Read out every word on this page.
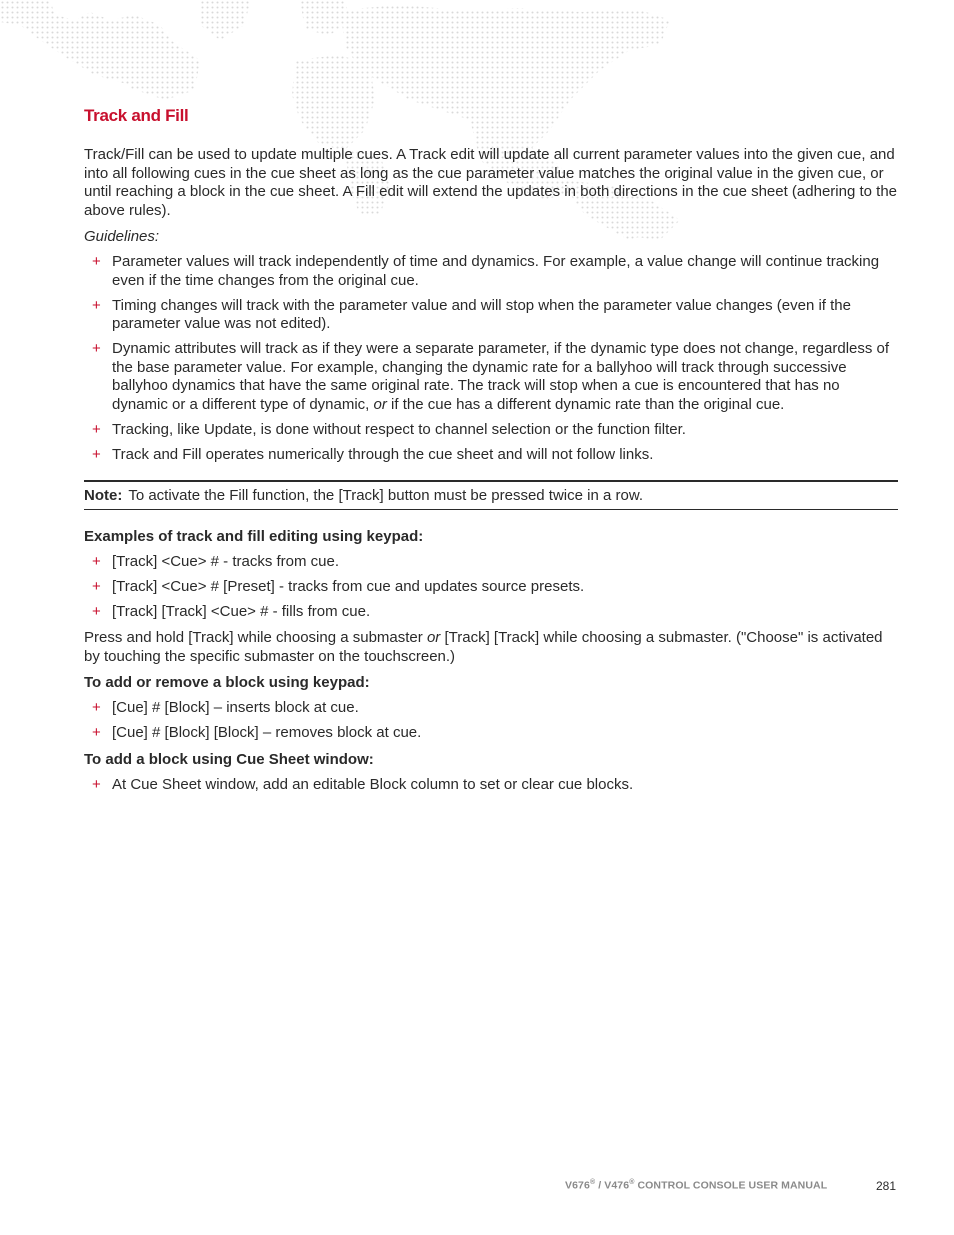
Track and Fill

Track/Fill can be used to update multiple cues. A Track edit will update all current parameter values into the given cue, and into all following cues in the cue sheet as long as the cue parameter value matches the original value in the given cue, or until reaching a block in the cue sheet. A Fill edit will extend the updates in both directions in the cue sheet (adhering to the above rules).

Guidelines:

+ Parameter values will track independently of time and dynamics. For example, a value change will continue tracking even if the time changes from the original cue.
+ Timing changes will track with the parameter value and will stop when the parameter value changes (even if the parameter value was not edited).
+ Dynamic attributes will track as if they were a separate parameter, if the dynamic type does not change, regardless of the base parameter value. For example, changing the dynamic rate for a ballyhoo will track through successive ballyhoo dynamics that have the same original rate. The track will stop when a cue is encountered that has no dynamic or a different type of dynamic, or if the cue has a different dynamic rate than the original cue.
+ Tracking, like Update, is done without respect to channel selection or the function filter.
+ Track and Fill operates numerically through the cue sheet and will not follow links.
Note: To activate the Fill function, the [Track] button must be pressed twice in a row.

Examples of track and fill editing using keypad:

+ [Track] <Cue> # - tracks from cue.
+ [Track] <Cue> # [Preset] - tracks from cue and updates source presets.
+ [Track] [Track] <Cue> # - fills from cue.

Press and hold [Track] while choosing a submaster or [Track] [Track] while choosing a submaster. ("Choose" is activated by touching the specific submaster on the touchscreen.)

To add or remove a block using keypad:

+ [Cue] # [Block] – inserts block at cue.
+ [Cue] # [Block] [Block] – removes block at cue.

To add a block using Cue Sheet window:

+ At Cue Sheet window, add an editable Block column to set or clear cue blocks.
V676® / V476® CONTROL CONSOLE USER MANUAL	281
